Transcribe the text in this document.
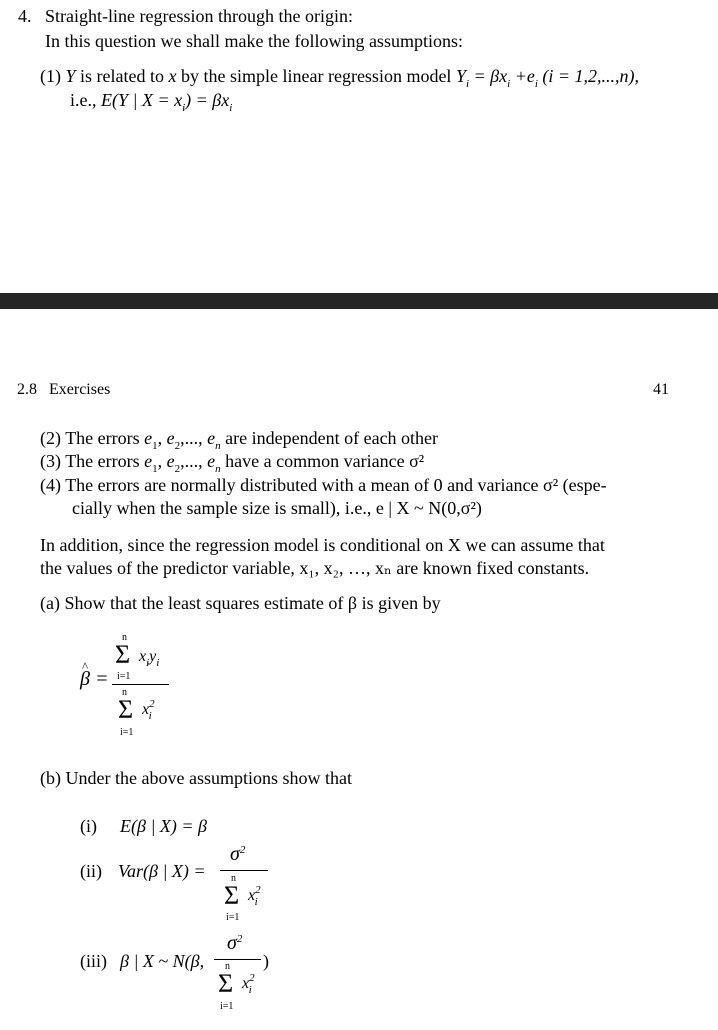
4. Straight-line regression through the origin:
In this question we shall make the following assumptions:
(1) Y is related to x by the simple linear regression model $Y_i = \beta x_i +e_i$ (i = 1,2,...,n),
i.e., E(Y | $X = x_i) = \beta x_i$
2.8 Exercises	41
(2) The errors $e_1$, $e_2$,..., $e_n$ are independent of each other
(3) The errors $e_1$, $e_2$,..., $e_n$ have a common variance σ²
(4) The errors are normally distributed with a mean of 0 and variance σ² (espe-
cially when the sample size is small), i.e., e | X ~ N(0,σ²)
In addition, since the regression model is conditional on X we can assume that
the values of the predictor variable, x₁, x₂, …, xₙ are known fixed constants.
(a) Show that the least squares estimate of β is given by
^ β =
n
Σ $x_iy_i$
i=1
n
Σ $x^2_i$
i=1
(b) Under the above assumptions show that
(i) E(β | X) = β
(ii) Var(β | X) =
$\sigma^2$
n
Σ $x^2_i$
i=1
(iii) β | X ~ N(β,
$\sigma^2$
)
n
Σ $x^2_i$
i=1
